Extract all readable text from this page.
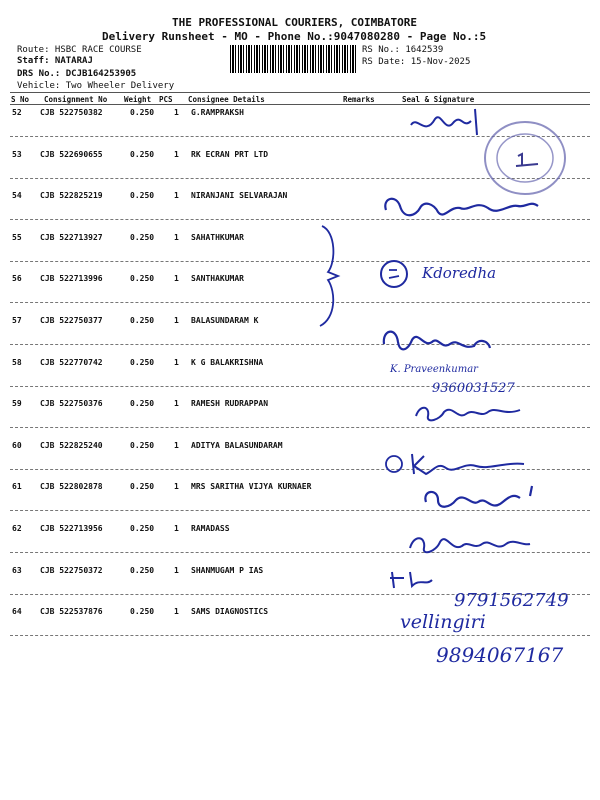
THE PROFESSIONAL COURIERS, COIMBATORE
Delivery Runsheet - MO - Phone No.:9047080280 - Page No.:5
Route: HSBC RACE COURSE
Staff: NATARAJ
DRS No.: DCJB164253905
Vehicle: Two Wheeler Delivery
RS No.: 1642539
RS Date: 15-Nov-2025
S No Consignment No Weight PCS Consignee Details	Remarks	Seal & Signature
52 CJB 522750382	0.250 1 G.RAMPRAKSH
53 CJB 522690655	0.250 1 RK ECRAN PRT LTD
54 CJB 522825219	0.250 1 NIRANJANI SELVARAJAN
55 CJB 522713927	0.250 1 SAHATHKUMAR
56 CJB 522713996	0.250 1 SANTHAKUMAR
57 CJB 522750377	0.250 1 BALASUNDARAM K
58 CJB 522770742	0.250 1 K G BALAKRISHNA
59 CJB 522750376	0.250 1 RAMESH RUDRAPPAN
60 CJB 522825240	0.250 1 ADITYA BALASUNDARAM
61 CJB 522802878	0.250 1 MRS SARITHA VIJYA KURNAER
62 CJB 522713956	0.250 1 RAMADASS
63 CJB 522750372	0.250 1 SHANMUGAM P IAS
64 CJB 522537876	0.250 1 SAMS DIAGNOSTICS
Kdoredha
K. Praveenkumar
9360031527
9791562749
vellingiri
9894067167
